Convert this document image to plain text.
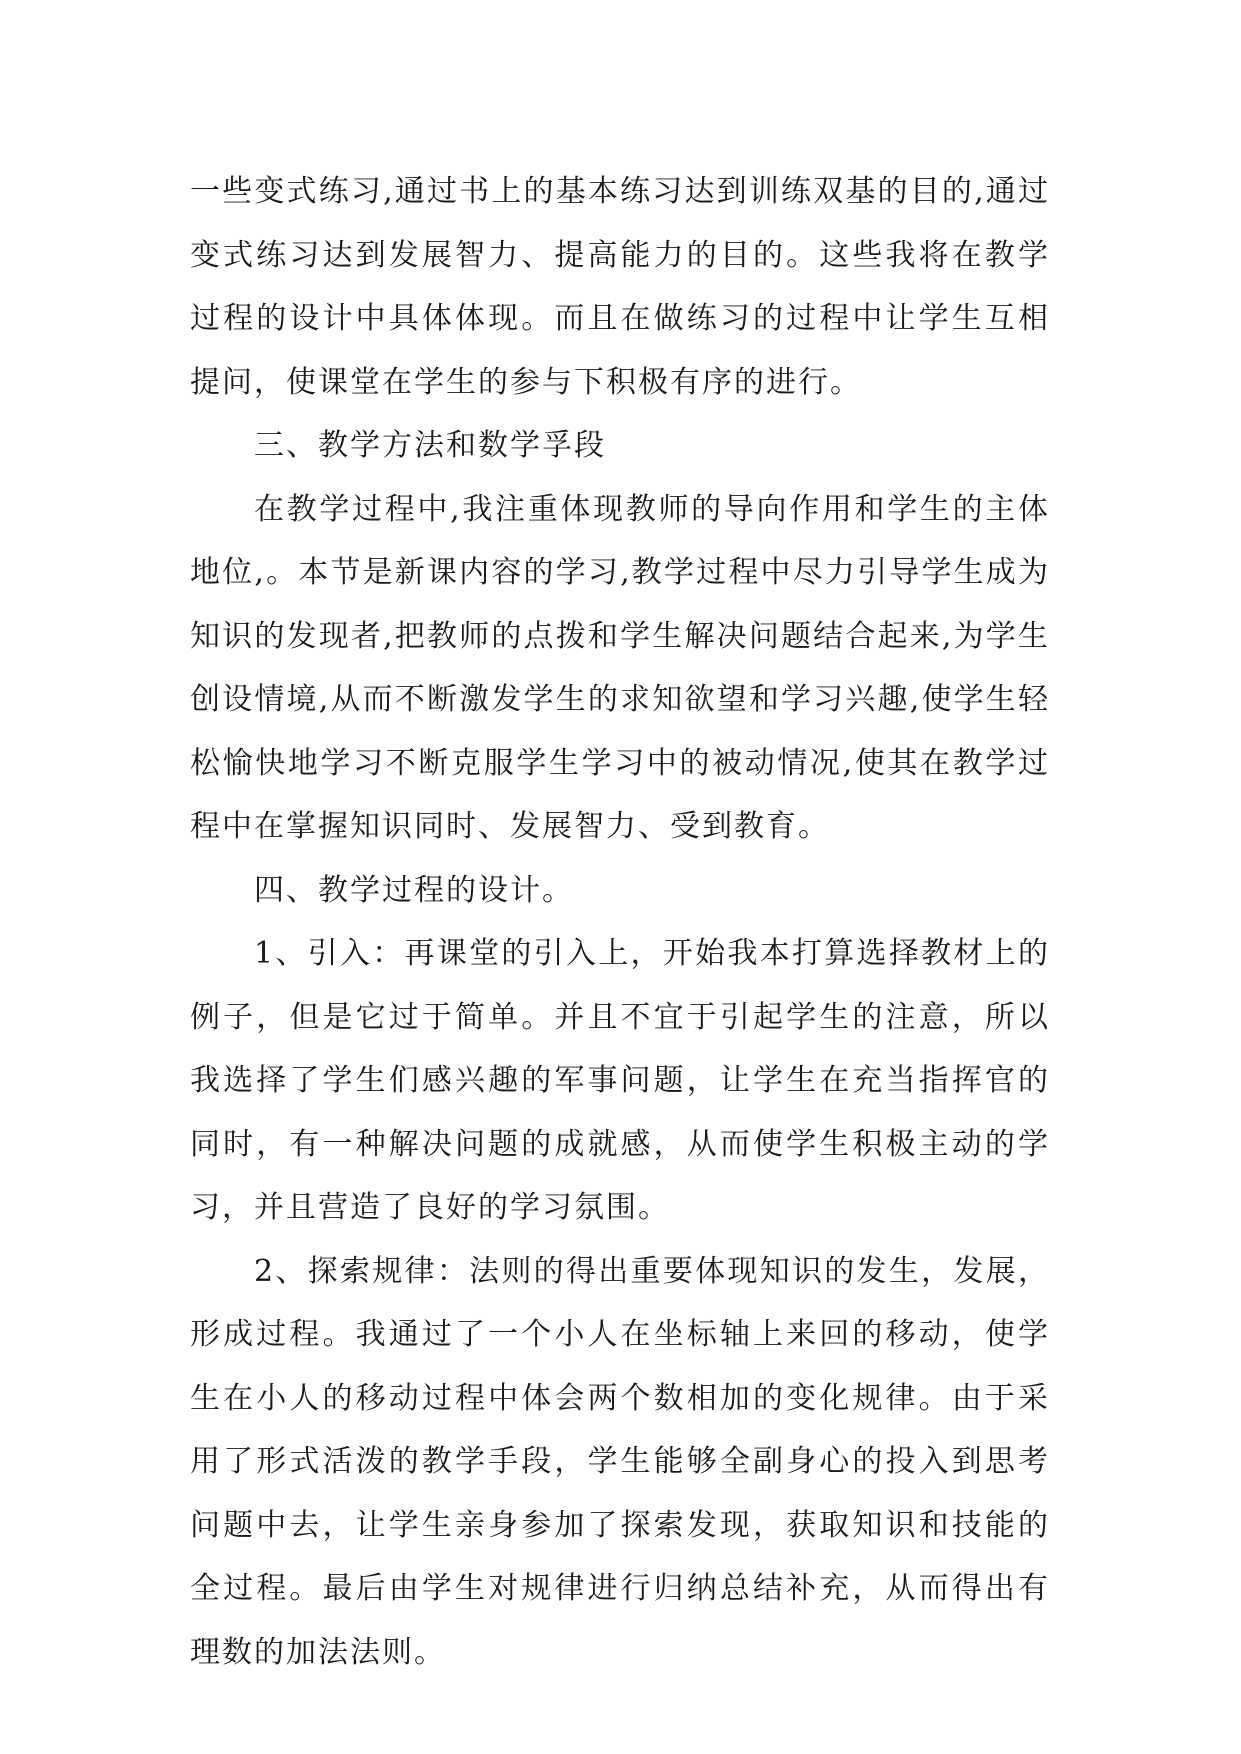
一些变式练习,通过书上的基本练习达到训练双基的目的,通过变式练习达到发展智力、提高能力的目的。这些我将在教学过程的设计中具体体现。而且在做练习的过程中让学生互相提问，使课堂在学生的参与下积极有序的进行。

三、教学方法和数学孚段

在教学过程中,我注重体现教师的导向作用和学生的主体地位,。本节是新课内容的学习,教学过程中尽力引导学生成为知识的发现者,把教师的点拨和学生解决问题结合起来,为学生创设情境,从而不断激发学生的求知欲望和学习兴趣,使学生轻松愉快地学习不断克服学生学习中的被动情况,使其在教学过程中在掌握知识同时、发展智力、受到教育。

四、教学过程的设计。

1、引入：再课堂的引入上，开始我本打算选择教材上的例子，但是它过于简单。并且不宜于引起学生的注意，所以我选择了学生们感兴趣的军事问题，让学生在充当指挥官的同时，有一种解决问题的成就感，从而使学生积极主动的学习，并且营造了良好的学习氛围。

2、探索规律：法则的得出重要体现知识的发生，发展，形成过程。我通过了一个小人在坐标轴上来回的移动，使学生在小人的移动过程中体会两个数相加的变化规律。由于采用了形式活泼的教学手段，学生能够全副身心的投入到思考问题中去，让学生亲身参加了探索发现，获取知识和技能的全过程。最后由学生对规律进行归纳总结补充，从而得出有理数的加法法则。
